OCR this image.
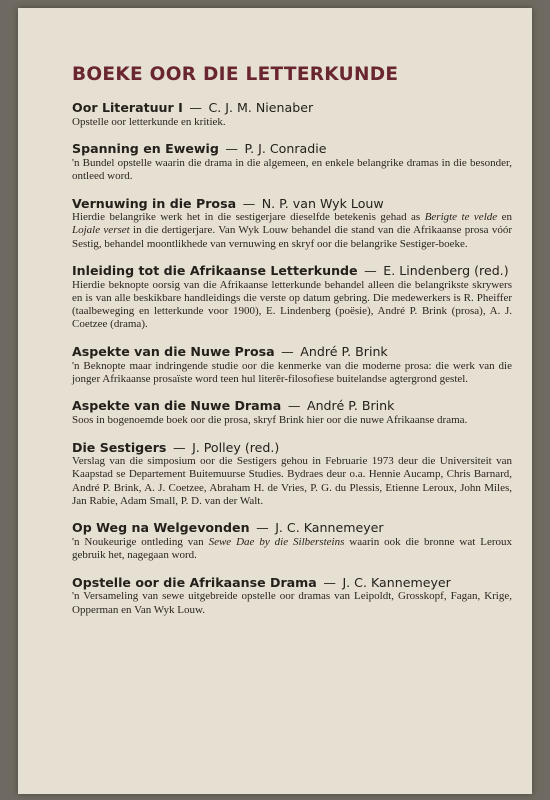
BOEKE OOR DIE LETTERKUNDE
Oor Literatuur I — C. J. M. Nienaber
Opstelle oor letterkunde en kritiek.
Spanning en Ewewig — P. J. Conradie
'n Bundel opstelle waarin die drama in die algemeen, en enkele belangrike dramas in die besonder, ontleed word.
Vernuwing in die Prosa — N. P. van Wyk Louw
Hierdie belangrike werk het in die sestigerjare dieselfde betekenis gehad as Berigte te velde en Lojale verset in die dertigerjare. Van Wyk Louw behandel die stand van die Afrikaanse prosa vóór Sestig, behandel moontlikhede van vernuwing en skryf oor die belangrike Sestiger-boeke.
Inleiding tot die Afrikaanse Letterkunde — E. Lindenberg (red.)
Hierdie beknopte oorsig van die Afrikaanse letterkunde behandel alleen die belangrikste skrywers en is van alle beskikbare handleidings die verste op datum gebring. Die medewerkers is R. Pheiffer (taalbeweging en letterkunde voor 1900), E. Lindenberg (poësie), André P. Brink (prosa), A. J. Coetzee (drama).
Aspekte van die Nuwe Prosa — André P. Brink
'n Beknopte maar indringende studie oor die kenmerke van die moderne prosa: die werk van die jonger Afrikaanse prosaïste word teen hul literêr-filosofiese buitelandse agtergrond gestel.
Aspekte van die Nuwe Drama — André P. Brink
Soos in bogenoemde boek oor die prosa, skryf Brink hier oor die nuwe Afrikaanse drama.
Die Sestigers — J. Polley (red.)
Verslag van die simposium oor die Sestigers gehou in Februarie 1973 deur die Universiteit van Kaapstad se Departement Buitemuurse Studies. Bydraes deur o.a. Hennie Aucamp, Chris Barnard, André P. Brink, A. J. Coetzee, Abraham H. de Vries, P. G. du Plessis, Etienne Leroux, John Miles, Jan Rabie, Adam Small, P. D. van der Walt.
Op Weg na Welgevonden — J. C. Kannemeyer
'n Noukeurige ontleding van Sewe Dae by die Silbersteins waarin ook die bronne wat Leroux gebruik het, nagegaan word.
Opstelle oor die Afrikaanse Drama — J. C. Kannemeyer
'n Versameling van sewe uitgebreide opstelle oor dramas van Leipoldt, Grosskopf, Fagan, Krige, Opperman en Van Wyk Louw.
